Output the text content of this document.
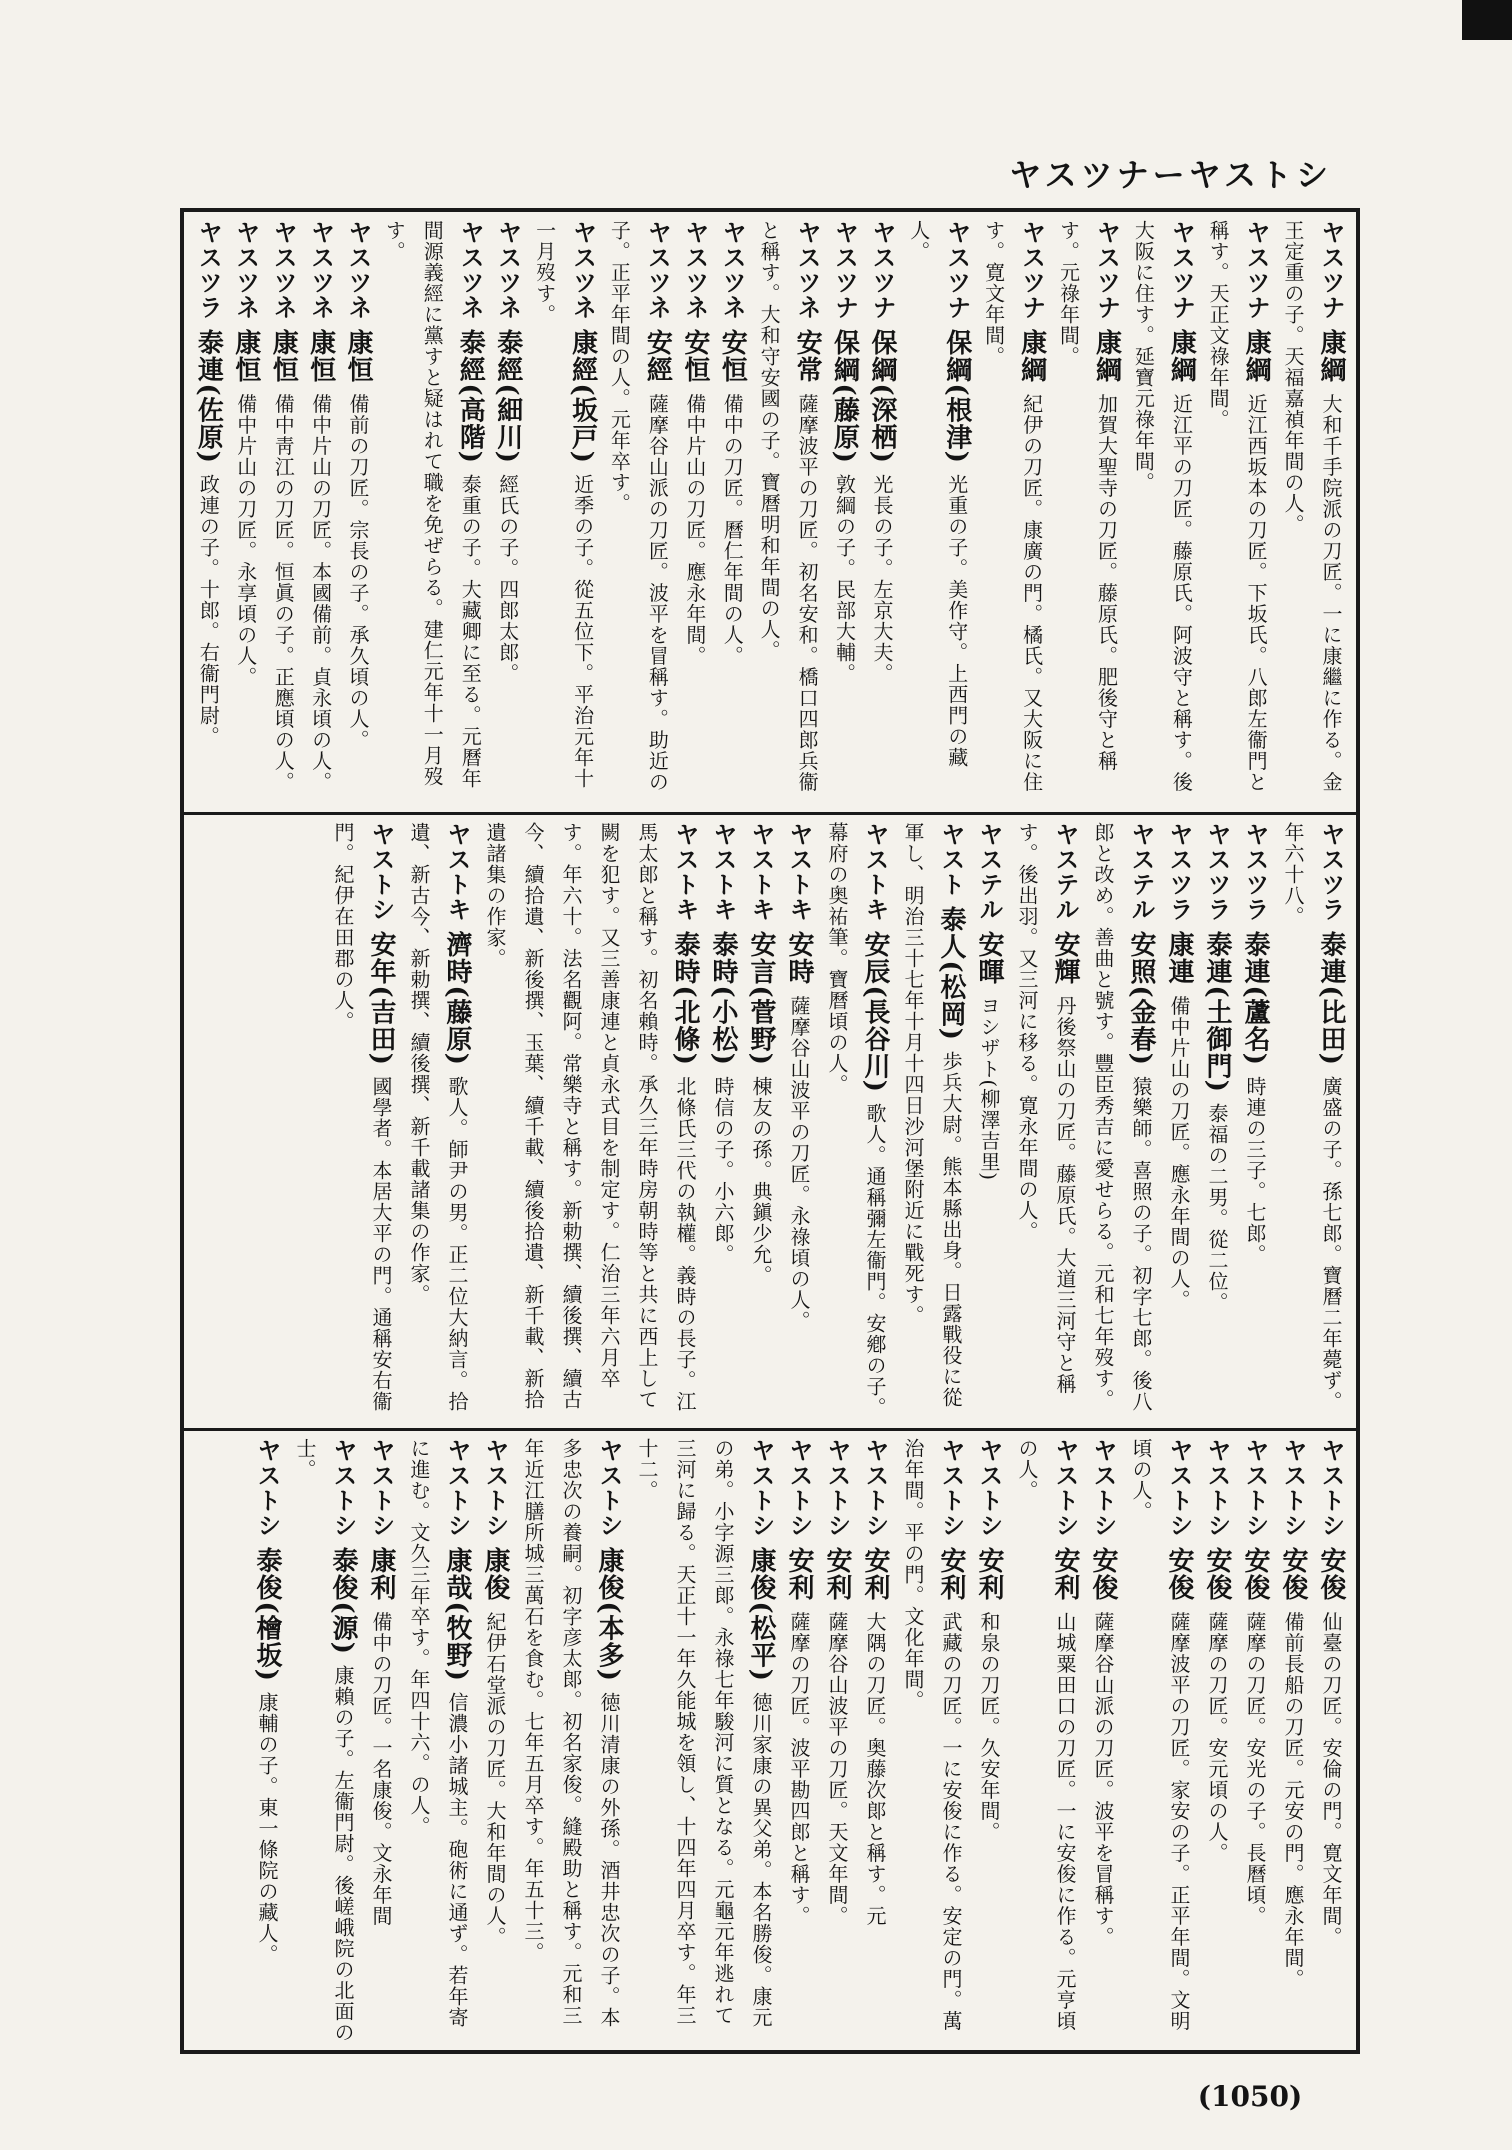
ヤスツナーヤストシ
ヤスツナ 康綱 大和千手院派の刀匠。一に康繼に作る。金王定重の子。天福嘉禎年間の人。
ヤスツナ 康綱 近江西坂本の刀匠。下坂氏。八郎左衞門と稱す。天正文祿年間。
ヤスツナ 康綱 近江平の刀匠。藤原氏。阿波守と稱す。後大阪に住す。延寶元祿年間。
ヤスツナ 康綱 加賀大聖寺の刀匠。藤原氏。肥後守と稱す。元祿年間。
ヤスツナ 康綱 紀伊の刀匠。康廣の門。橘氏。又大阪に住す。寛文年間。
ヤスツナ 保綱(根津) 光重の子。美作守。上西門の藏人。
ヤスツナ 保綱(深栖) 光長の子。左京大夫。
ヤスツナ 保綱(藤原) 敦綱の子。民部大輔。
ヤスツネ 安常 薩摩波平の刀匠。初名安和。橋口四郎兵衞と稱す。大和守安國の子。寶曆明和年間の人。
ヤスツネ 安恒 備中の刀匠。曆仁年間の人。
ヤスツネ 安恒 備中片山の刀匠。應永年間。
ヤスツネ 安經 薩摩谷山派の刀匠。波平を冒稱す。助近の子。正平年間の人。元年卒す。
ヤスツネ 康經(坂戸) 近季の子。從五位下。平治元年十一月歿す。
ヤスツネ 泰經(細川) 經氏の子。四郎太郎。
ヤスツネ 泰經(高階) 泰重の子。大藏卿に至る。元曆年間源義經に黨すと疑はれて職を免ぜらる。建仁元年十一月歿す。
ヤスツネ 康恒 備前の刀匠。宗長の子。承久頃の人。
ヤスツネ 康恒 備中片山の刀匠。本國備前。貞永頃の人。
ヤスツネ 康恒 備中靑江の刀匠。恒眞の子。正應頃の人。
ヤスツネ 康恒 備中片山の刀匠。永享頃の人。
ヤスツラ 泰連(佐原) 政連の子。十郎。右衞門尉。
ヤスツラ 泰連(比田) 廣盛の子。孫七郎。寶曆二年薨ず。年六十八。
ヤスツラ 泰連(蘆名) 時連の三子。七郎。
ヤスツラ 泰連(土御門) 泰福の二男。從二位。
ヤスツラ 康連 備中片山の刀匠。應永年間の人。
ヤステル 安照(金春) 猿樂師。喜照の子。初字七郎。後八郎と改め。善曲と號す。豐臣秀吉に愛せらる。元和七年歿す。
ヤステル 安輝 丹後祭山の刀匠。藤原氏。大道三河守と稱す。後出羽。又三河に移る。寛永年間の人。
ヤステル 安暉 ヨシザト(柳澤吉里)
ヤスト 泰人(松岡) 歩兵大尉。熊本縣出身。日露戰役に從軍し、明治三十七年十月十四日沙河堡附近に戰死す。
ヤストキ 安辰(長谷川) 歌人。通稱彌左衞門。安鄕の子。幕府の奥祐筆。寶曆頃の人。
ヤストキ 安時 薩摩谷山波平の刀匠。永祿頃の人。
ヤストキ 安言(菅野) 棟友の孫。典鎭少允。
ヤストキ 泰時(小松) 時信の子。小六郞。
ヤストキ 泰時(北條) 北條氏三代の執權。義時の長子。江馬太郎と稱す。初名賴時。承久三年時房朝時等と共に西上して闕を犯す。又三善康連と貞永式目を制定す。仁治三年六月卒す。年六十。法名觀阿。常樂寺と稱す。新勅撰、續後撰、續古今、續拾遺、新後撰、玉葉、續千載、續後拾遺、新千載、新拾遺諸集の作家。
ヤストキ 濟時(藤原) 歌人。師尹の男。正二位大納言。拾遺、新古今、新勅撰、續後撰、新千載諸集の作家。
ヤストシ 安年(吉田) 國學者。本居大平の門。通稱安右衞門。紀伊在田郡の人。
ヤストシ 安俊 仙臺の刀匠。安倫の門。寛文年間。
ヤストシ 安俊 備前長船の刀匠。元安の門。應永年間。
ヤストシ 安俊 薩摩の刀匠。安光の子。長曆頃。
ヤストシ 安俊 薩摩の刀匠。安元頃の人。
ヤストシ 安俊 薩摩波平の刀匠。家安の子。正平年間。文明頃の人。
ヤストシ 安俊 薩摩谷山派の刀匠。波平を冒稱す。
ヤストシ 安利 山城粟田口の刀匠。一に安俊に作る。元亨頃の人。
ヤストシ 安利 和泉の刀匠。久安年間。
ヤストシ 安利 武藏の刀匠。一に安俊に作る。安定の門。萬治年間。平の門。文化年間。
ヤストシ 安利 大隅の刀匠。奥藤次郞と稱す。元
ヤストシ 安利 薩摩谷山波平の刀匠。天文年間。
ヤストシ 安利 薩摩の刀匠。波平勘四郎と稱す。
ヤストシ 康俊(松平) 徳川家康の異父弟。本名勝俊。康元の弟。小字源三郞。永祿七年駿河に質となる。元龜元年逃れて三河に歸る。天正十一年久能城を領し、十四年四月卒す。年三十二。
ヤストシ 康俊(本多) 徳川清康の外孫。酒井忠次の子。本多忠次の養嗣。初字彦太郞。初名家俊。縫殿助と稱す。元和三年近江膳所城三萬石を食む。七年五月卒す。年五十三。
ヤストシ 康俊 紀伊石堂派の刀匠。大和年間の人。
ヤストシ 康哉(牧野) 信濃小諸城主。砲術に通ず。若年寄に進む。文久三年卒す。年四十六。の人。
ヤストシ 康利 備中の刀匠。一名康俊。文永年間
ヤストシ 泰俊(源) 康賴の子。左衞門尉。後嵯峨院の北面の士。
ヤストシ 泰俊(檜坂) 康輔の子。東一條院の藏人。
(1050)
